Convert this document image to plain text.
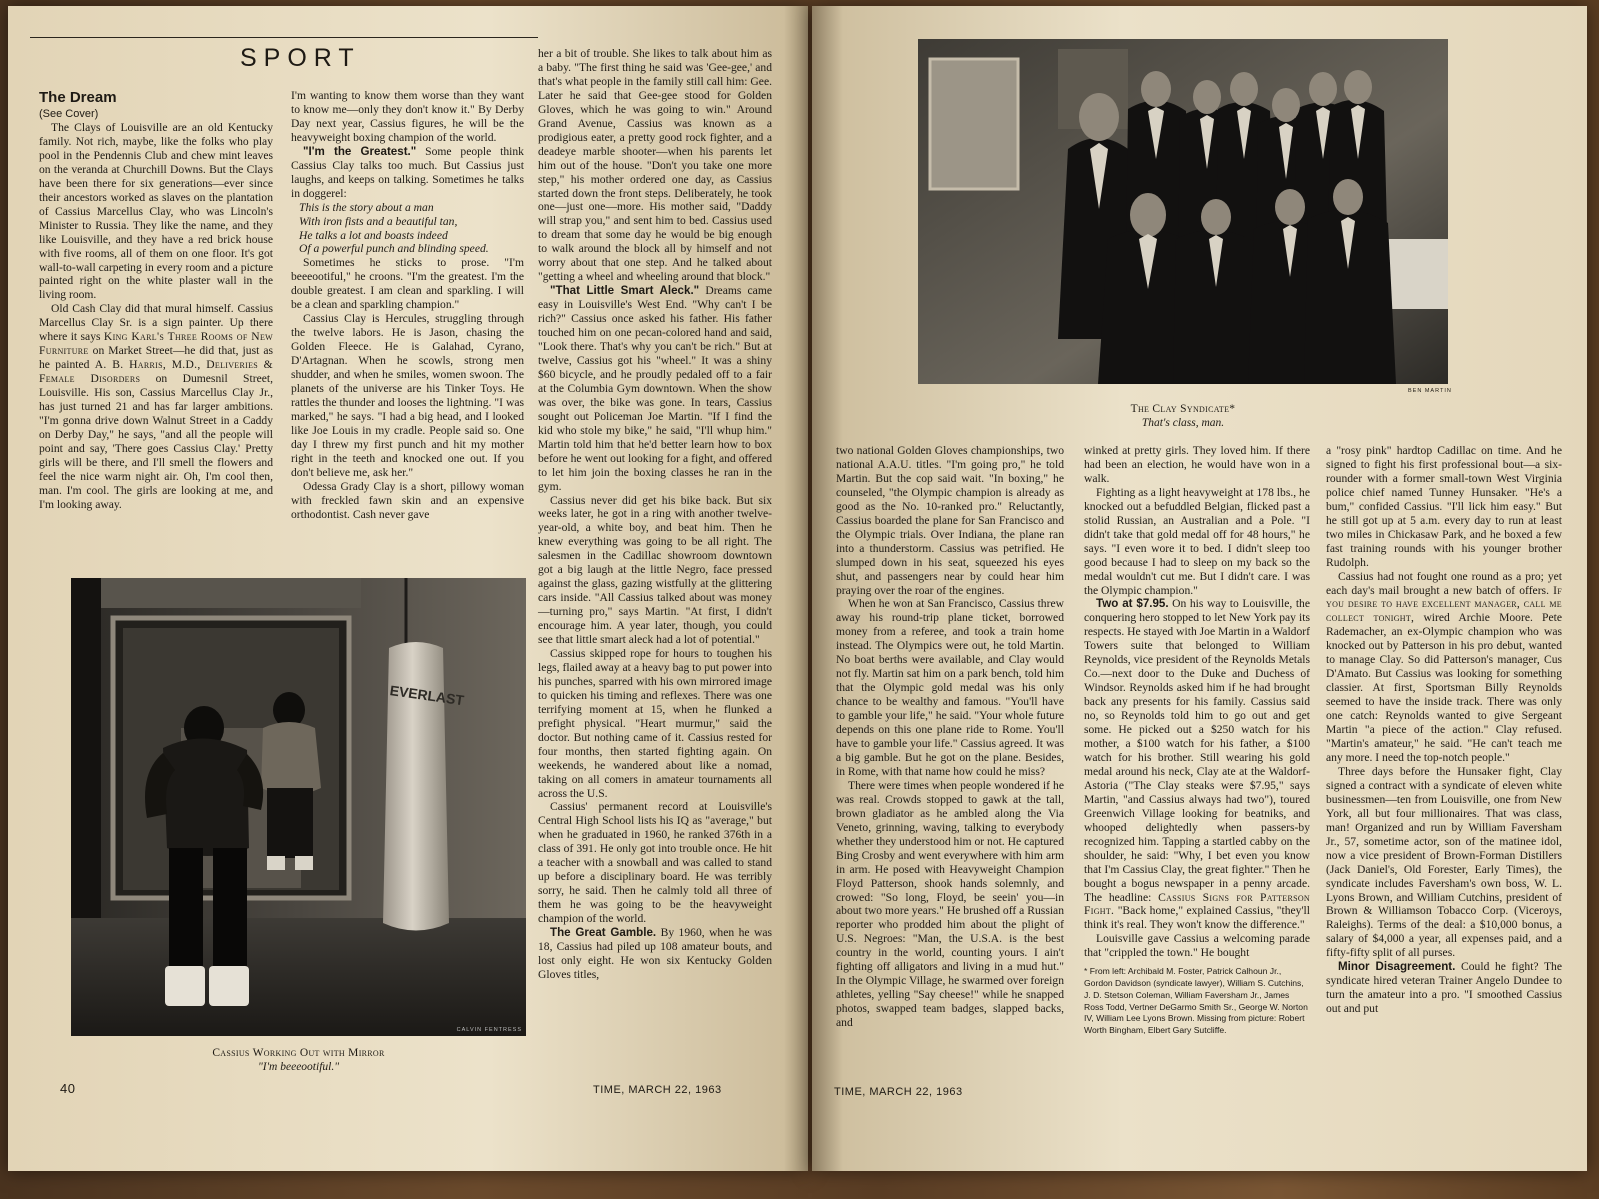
SPORT
The Dream
(See Cover)

The Clays of Louisville are an old Kentucky family. Not rich, maybe, like the folks who play pool in the Pendennis Club and chew mint leaves on the veranda at Churchill Downs. But the Clays have been there for six generations—ever since their ancestors worked as slaves on the plantation of Cassius Marcellus Clay, who was Lincoln's Minister to Russia. They like the name, and they like Louisville, and they have a red brick house with five rooms, all of them on one floor. It's got wall-to-wall carpeting in every room and a picture painted right on the white plaster wall in the living room.

Old Cash Clay did that mural himself. Cassius Marcellus Clay Sr. is a sign painter. Up there where it says King Karl's Three Rooms of New Furniture on Market Street—he did that, just as he painted A. B. Harris, M.D., Deliveries & Female Disorders on Dumesnil Street, Louisville. His son, Cassius Marcellus Clay Jr., has just turned 21 and has far larger ambitions. "I'm gonna drive down Walnut Street in a Caddy on Derby Day," he says, "and all the people will point and say, 'There goes Cassius Clay.' Pretty girls will be there, and I'll smell the flowers and feel the nice warm night air. Oh, I'm cool then, man. I'm cool. The girls are looking at me, and I'm looking away.

I'm wanting to know them worse than they want to know me—only they don't know it." By Derby Day next year, Cassius figures, he will be the heavyweight boxing champion of the world.

"I'm the Greatest." Some people think Cassius Clay talks too much. But Cassius just laughs, and keeps on talking. Sometimes he talks in doggerel:

This is the story about a man
With iron fists and a beautiful tan,
He talks a lot and boasts indeed
Of a powerful punch and blinding speed.

Sometimes he sticks to prose. "I'm beeeootiful," he croons. "I'm the greatest. I'm the double greatest. I am clean and sparkling. I will be a clean and sparkling champion."

Cassius Clay is Hercules, struggling through the twelve labors. He is Jason, chasing the Golden Fleece. He is Galahad, Cyrano, D'Artagnan. When he scowls, strong men shudder, and when he smiles, women swoon. The planets of the universe are his Tinker Toys. He rattles the thunder and looses the lightning. "I was marked," he says. "I had a big head, and I looked like Joe Louis in my cradle. People said so. One day I threw my first punch and hit my mother right in the teeth and knocked one out. If you don't believe me, ask her."

Odessa Grady Clay is a short, pillowy woman with freckled fawn skin and an expensive orthodontist. Cash never gave

her a bit of trouble. She likes to talk about him as a baby. "The first thing he said was 'Gee-gee,' and that's what people in the family still call him: Gee. Later he said that Gee-gee stood for Golden Gloves, which he was going to win." Around Grand Avenue, Cassius was known as a prodigious eater, a pretty good rock fighter, and a deadeye marble shooter—when his parents let him out of the house. "Don't you take one more step," his mother ordered one day, as Cassius started down the front steps. Deliberately, he took one—just one—more. His mother said, "Daddy will strap you," and sent him to bed. Cassius used to dream that some day he would be big enough to walk around the block all by himself and not worry about that one step. And he talked about "getting a wheel and wheeling around that block."

"That Little Smart Aleck." Dreams came easy in Louisville's West End. "Why can't I be rich?" Cassius once asked his father. His father touched him on one pecan-colored hand and said, "Look there. That's why you can't be rich." But at twelve, Cassius got his "wheel." It was a shiny $60 bicycle, and he proudly pedaled off to a fair at the Columbia Gym downtown. When the show was over, the bike was gone. In tears, Cassius sought out Policeman Joe Martin. "If I find the kid who stole my bike," he said, "I'll whup him." Martin told him that he'd better learn how to box before he went out looking for a fight, and offered to let him join the boxing classes he ran in the gym.

Cassius never did get his bike back. But six weeks later, he got in a ring with another twelve-year-old, a white boy, and beat him. Then he knew everything was going to be all right. The salesmen in the Cadillac showroom downtown got a big laugh at the little Negro, face pressed against the glass, gazing wistfully at the glittering cars inside. "All Cassius talked about was money—turning pro," says Martin. "At first, I didn't encourage him. A year later, though, you could see that little smart aleck had a lot of potential."

Cassius skipped rope for hours to toughen his legs, flailed away at a heavy bag to put power into his punches, sparred with his own mirrored image to quicken his timing and reflexes. There was one terrifying moment at 15, when he flunked a prefight physical. "Heart murmur," said the doctor. But nothing came of it. Cassius rested for four months, then started fighting again. On weekends, he wandered about like a nomad, taking on all comers in amateur tournaments all across the U.S.

Cassius' permanent record at Louisville's Central High School lists his IQ as "average," but when he graduated in 1960, he ranked 376th in a class of 391. He only got into trouble once. He hit a teacher with a snowball and was called to stand up before a disciplinary board. He was terribly sorry, he said. Then he calmly told all three of them he was going to be the heavyweight champion of the world.

The Great Gamble. By 1960, when he was 18, Cassius had piled up 108 amateur bouts, and lost only eight. He won six Kentucky Golden Gloves titles,

EVERLAST
CALVIN FENTRESS
Cassius Working Out with Mirror
"I'm beeeootiful."
40	TIME, MARCH 22, 1963
BEN MARTIN
The Clay Syndicate*
That's class, man.

two national Golden Gloves championships, two national A.A.U. titles. "I'm going pro," he told Martin. But the cop said wait. "In boxing," he counseled, "the Olympic champion is already as good as the No. 10-ranked pro." Reluctantly, Cassius boarded the plane for San Francisco and the Olympic trials. Over Indiana, the plane ran into a thunderstorm. Cassius was petrified. He slumped down in his seat, squeezed his eyes shut, and passengers near by could hear him praying over the roar of the engines.

When he won at San Francisco, Cassius threw away his round-trip plane ticket, borrowed money from a referee, and took a train home instead. The Olympics were out, he told Martin. No boat berths were available, and Clay would not fly. Martin sat him on a park bench, told him that the Olympic gold medal was his only chance to be wealthy and famous. "You'll have to gamble your life," he said. "Your whole future depends on this one plane ride to Rome. You'll have to gamble your life." Cassius agreed. It was a big gamble. But he got on the plane. Besides, in Rome, with that name how could he miss?

There were times when people wondered if he was real. Crowds stopped to gawk at the tall, brown gladiator as he ambled along the Via Veneto, grinning, waving, talking to everybody whether they understood him or not. He captured Bing Crosby and went everywhere with him arm in arm. He posed with Heavyweight Champion Floyd Patterson, shook hands solemnly, and crowed: "So long, Floyd, be seein' you—in about two more years." He brushed off a Russian reporter who prodded him about the plight of U.S. Negroes: "Man, the U.S.A. is the best country in the world, counting yours. I ain't fighting off alligators and living in a mud hut." In the Olympic Village, he swarmed over foreign athletes, yelling "Say cheese!" while he snapped photos, swapped team badges, slapped backs, and

winked at pretty girls. They loved him. If there had been an election, he would have won in a walk.

Fighting as a light heavyweight at 178 lbs., he knocked out a befuddled Belgian, flicked past a stolid Russian, an Australian and a Pole. "I didn't take that gold medal off for 48 hours," he says. "I even wore it to bed. I didn't sleep too good because I had to sleep on my back so the medal wouldn't cut me. But I didn't care. I was the Olympic champion."

Two at $7.95. On his way to Louisville, the conquering hero stopped to let New York pay its respects. He stayed with Joe Martin in a Waldorf Towers suite that belonged to William Reynolds, vice president of the Reynolds Metals Co.—next door to the Duke and Duchess of Windsor. Reynolds asked him if he had brought back any presents for his family. Cassius said no, so Reynolds told him to go out and get some. He picked out a $250 watch for his mother, a $100 watch for his father, a $100 watch for his brother. Still wearing his gold medal around his neck, Clay ate at the Waldorf-Astoria ("The Clay steaks were $7.95," says Martin, "and Cassius always had two"), toured Greenwich Village looking for beatniks, and whooped delightedly when passers-by recognized him. Tapping a startled cabby on the shoulder, he said: "Why, I bet even you know that I'm Cassius Clay, the great fighter." Then he bought a bogus newspaper in a penny arcade. The headline: Cassius Signs for Patterson Fight. "Back home," explained Cassius, "they'll think it's real. They won't know the difference."

Louisville gave Cassius a welcoming parade that "crippled the town." He bought

* From left: Archibald M. Foster, Patrick Calhoun Jr., Gordon Davidson (syndicate lawyer), William S. Cutchins, J. D. Stetson Coleman, William Faversham Jr., James Ross Todd, Vertner DeGarmo Smith Sr., George W. Norton IV, William Lee Lyons Brown. Missing from picture: Robert Worth Bingham, Elbert Gary Sutcliffe.

a "rosy pink" hardtop Cadillac on time. And he signed to fight his first professional bout—a six-rounder with a former small-town West Virginia police chief named Tunney Hunsaker. "He's a bum," confided Cassius. "I'll lick him easy." But he still got up at 5 a.m. every day to run at least two miles in Chickasaw Park, and he boxed a few fast training rounds with his younger brother Rudolph.

Cassius had not fought one round as a pro; yet each day's mail brought a new batch of offers. If you desire to have excellent manager, call me collect tonight, wired Archie Moore. Pete Rademacher, an ex-Olympic champion who was knocked out by Patterson in his pro debut, wanted to manage Clay. So did Patterson's manager, Cus D'Amato. But Cassius was looking for something classier. At first, Sportsman Billy Reynolds seemed to have the inside track. There was only one catch: Reynolds wanted to give Sergeant Martin "a piece of the action." Clay refused. "Martin's amateur," he said. "He can't teach me any more. I need the top-notch people."

Three days before the Hunsaker fight, Clay signed a contract with a syndicate of eleven white businessmen—ten from Louisville, one from New York, all but four millionaires. That was class, man! Organized and run by William Faversham Jr., 57, sometime actor, son of the matinee idol, now a vice president of Brown-Forman Distillers (Jack Daniel's, Old Forester, Early Times), the syndicate includes Faversham's own boss, W. L. Lyons Brown, and William Cutchins, president of Brown & Williamson Tobacco Corp. (Viceroys, Raleighs). Terms of the deal: a $10,000 bonus, a salary of $4,000 a year, all expenses paid, and a fifty-fifty split of all purses.

Minor Disagreement. Could he fight? The syndicate hired veteran Trainer Angelo Dundee to turn the amateur into a pro. "I smoothed Cassius out and put

TIME, MARCH 22, 1963
